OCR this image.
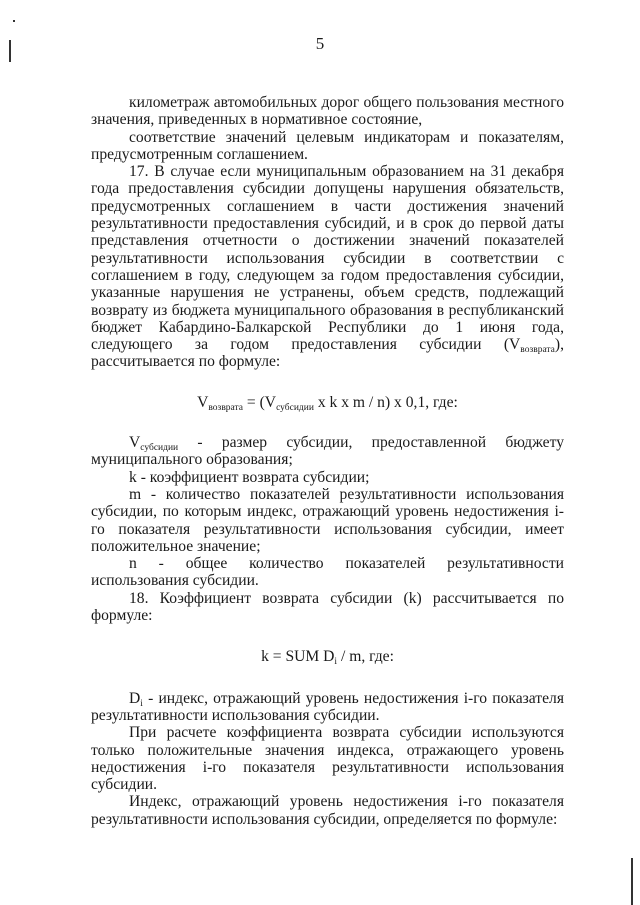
5

километраж автомобильных дорог общего пользования местного значения, приведенных в нормативное состояние,

соответствие значений целевым индикаторам и показателям, предусмотренным соглашением.

17. В случае если муниципальным образованием на 31 декабря года предоставления субсидии допущены нарушения обязательств, предусмотренных соглашением в части достижения значений результативности предоставления субсидий, и в срок до первой даты представления отчетности о достижении значений показателей результативности использования субсидии в соответствии с соглашением в году, следующем за годом предоставления субсидии, указанные нарушения не устранены, объем средств, подлежащий возврату из бюджета муниципального образования в республиканский бюджет Кабардино-Балкарской Республики до 1 июня года, следующего за годом предоставления субсидии $(V_{возврата})$, рассчитывается по формуле:

$V_{возврата} = (V_{субсидии}$ x k x m / n) x 0,1, где:

$V_{субсидии}$ - размер субсидии, предоставленной бюджету муниципального образования;

k - коэффициент возврата субсидии;

m - количество показателей результативности использования субсидии, по которым индекс, отражающий уровень недостижения i-го показателя результативности использования субсидии, имеет положительное значение;

n - общее количество показателей результативности использования субсидии.

18. Коэффициент возврата субсидии (k) рассчитывается по формуле:

k = SUM $D_i$ / m, где:

$D_i$ - индекс, отражающий уровень недостижения i-го показателя результативности использования субсидии.

При расчете коэффициента возврата субсидии используются только положительные значения индекса, отражающего уровень недостижения i-го показателя результативности использования субсидии.

Индекс, отражающий уровень недостижения i-го показателя результативности использования субсидии, определяется по формуле:
